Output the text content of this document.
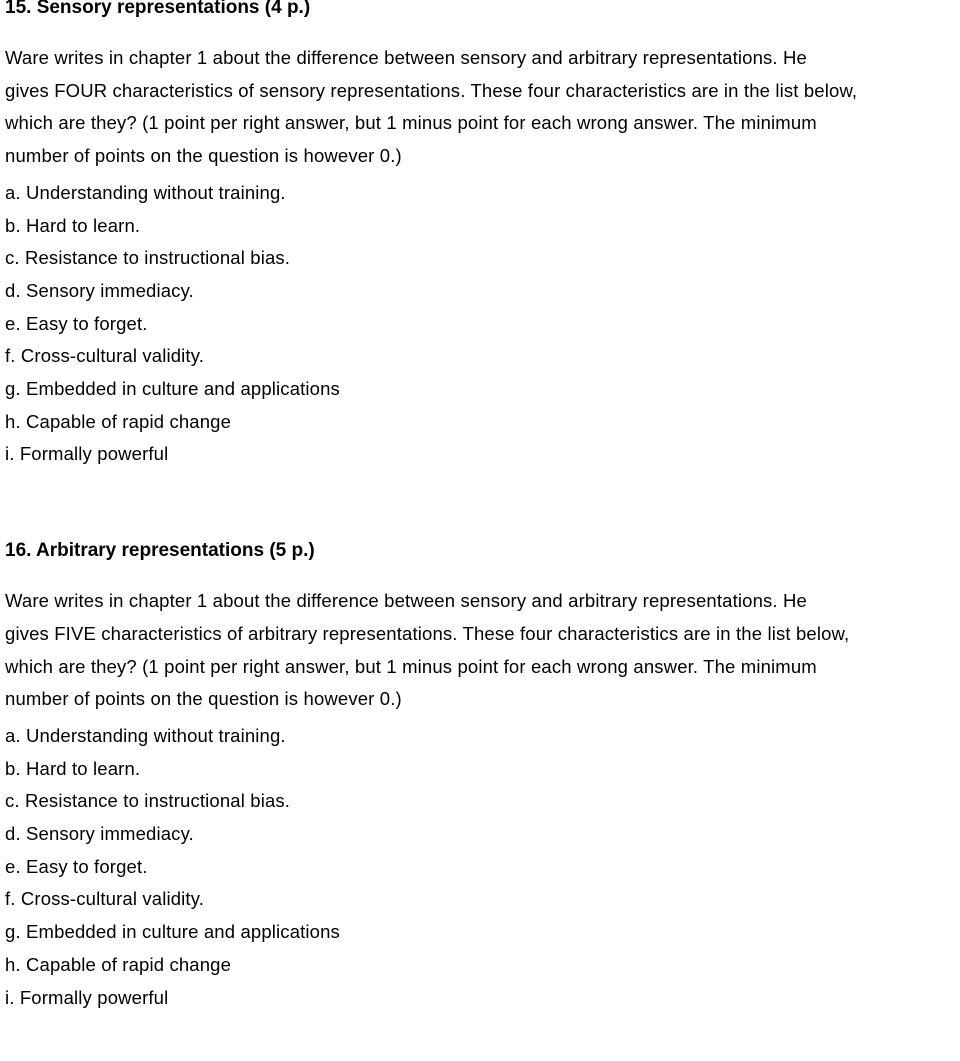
15. Sensory representations (4 p.)
Ware writes in chapter 1 about the difference between sensory and arbitrary representations. He
gives FOUR characteristics of sensory representations. These four characteristics are in the list below,
which are they? (1 point per right answer, but 1 minus point for each wrong answer. The minimum
number of points on the question is however 0.)
a. Understanding without training.
b. Hard to learn.
c. Resistance to instructional bias.
d. Sensory immediacy.
e. Easy to forget.
f. Cross-cultural validity.
g. Embedded in culture and applications
h. Capable of rapid change
i. Formally powerful
16. Arbitrary representations (5 p.)
Ware writes in chapter 1 about the difference between sensory and arbitrary representations. He
gives FIVE characteristics of arbitrary representations. These four characteristics are in the list below,
which are they? (1 point per right answer, but 1 minus point for each wrong answer. The minimum
number of points on the question is however 0.)
a. Understanding without training.
b. Hard to learn.
c. Resistance to instructional bias.
d. Sensory immediacy.
e. Easy to forget.
f. Cross-cultural validity.
g. Embedded in culture and applications
h. Capable of rapid change
i. Formally powerful
